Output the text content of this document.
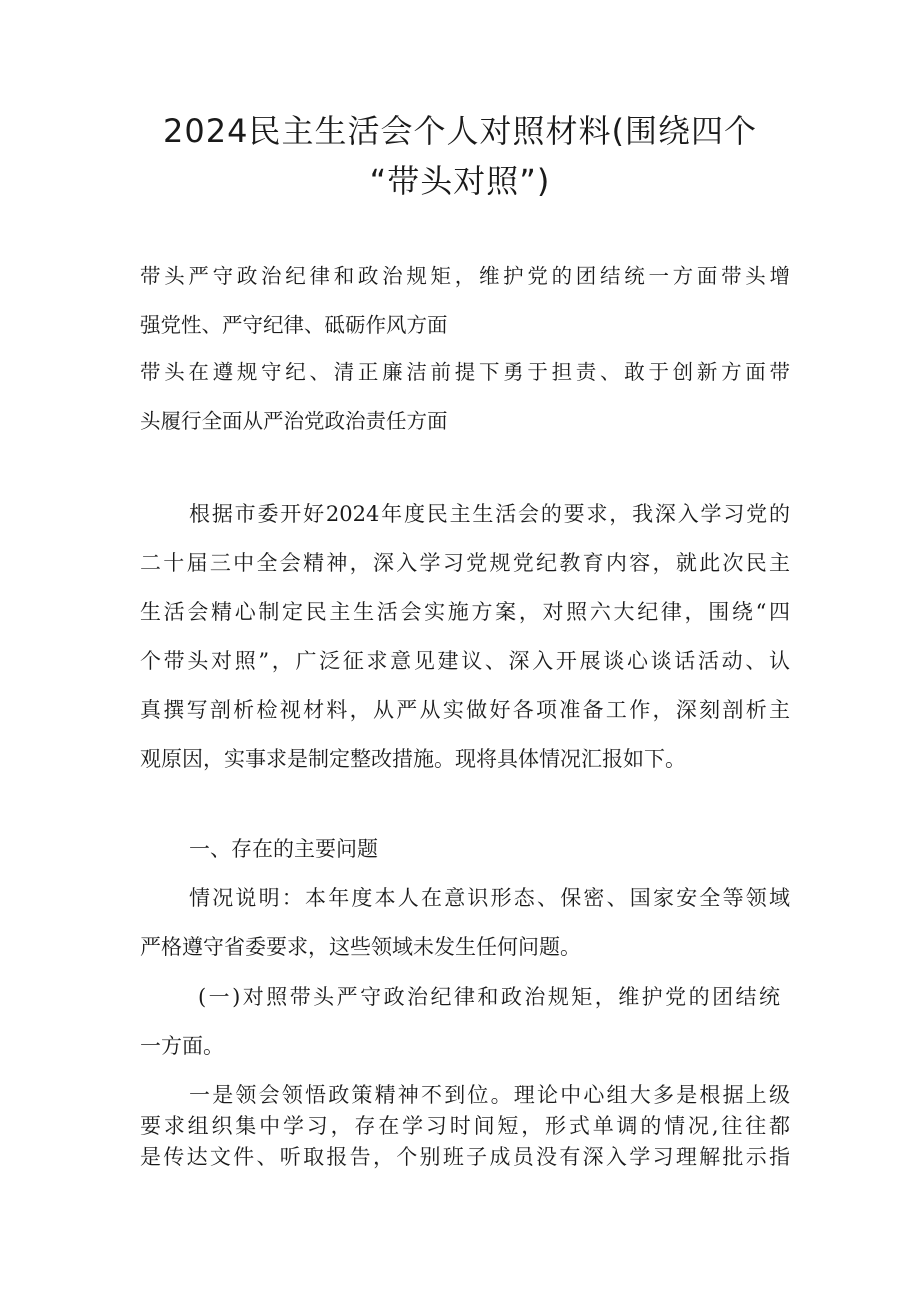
2024民主生活会个人对照材料(围绕四个
“带头对照”)

带头严守政治纪律和政治规矩，维护党的团结统一方面带头增

强党性、严守纪律、砥砺作风方面

带头在遵规守纪、清正廉洁前提下勇于担责、敢于创新方面带

头履行全面从严治党政治责任方面

根据市委开好2024年度民主生活会的要求，我深入学习党的

二十届三中全会精神，深入学习党规党纪教育内容，就此次民主

生活会精心制定民主生活会实施方案，对照六大纪律，围绕“四

个带头对照”，广泛征求意见建议、深入开展谈心谈话活动、认

真撰写剖析检视材料，从严从实做好各项准备工作，深刻剖析主

观原因，实事求是制定整改措施。现将具体情况汇报如下。

一、存在的主要问题

情况说明：本年度本人在意识形态、保密、国家安全等领域

严格遵守省委要求，这些领域未发生任何问题。

(一)对照带头严守政治纪律和政治规矩，维护党的团结统

一方面。

一是领会领悟政策精神不到位。理论中心组大多是根据上级

要求组织集中学习，存在学习时间短，形式单调的情况,往往都

是传达文件、听取报告，个别班子成员没有深入学习理解批示指
